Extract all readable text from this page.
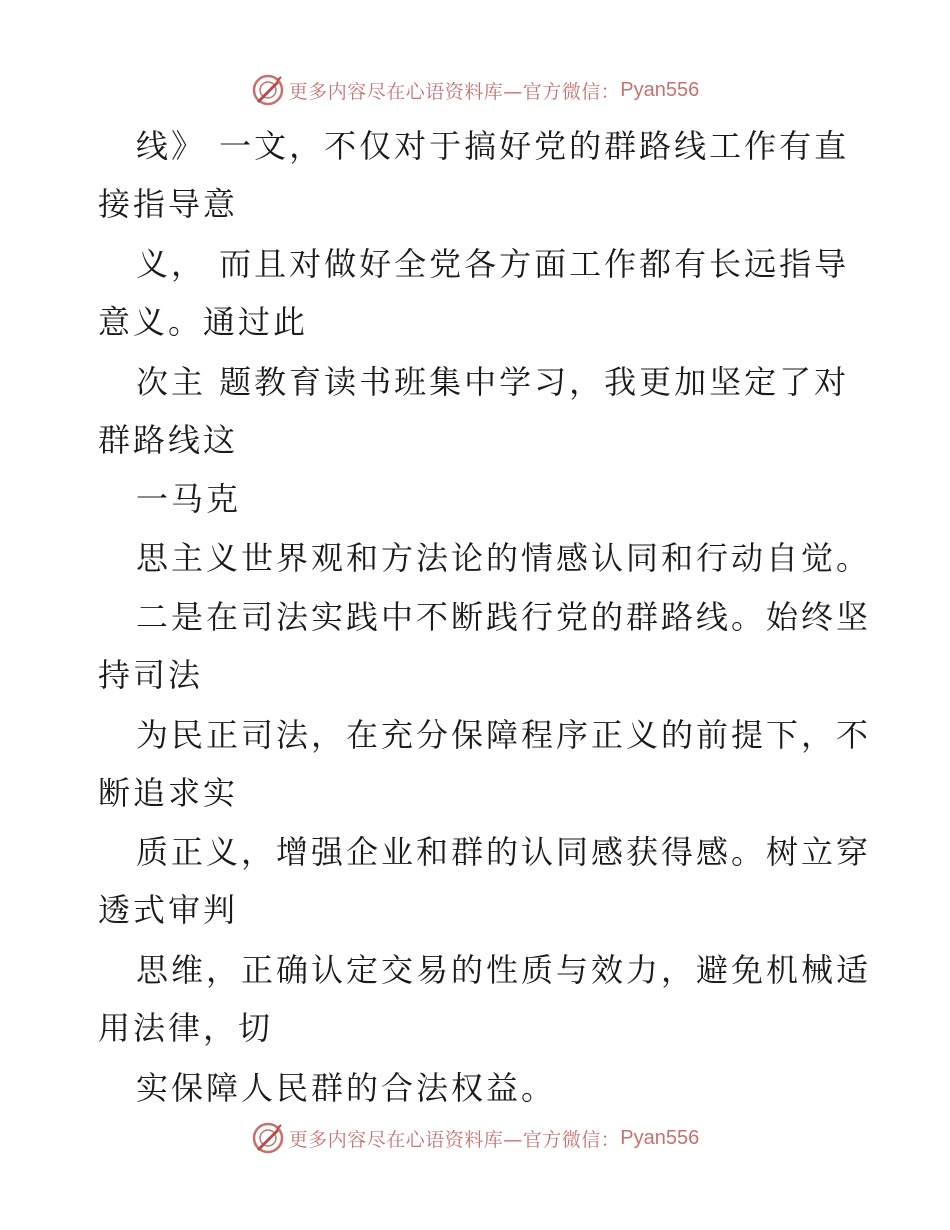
更多内容尽在心语资料库—官方微信： Pyan556
线》 一文，不仅对于搞好党的群路线工作有直
接指导意
义， 而且对做好全党各方面工作都有长远指导
意义。通过此
次主 题教育读书班集中学习，我更加坚定了对
群路线这
一马克
思主义世界观和方法论的情感认同和行动自觉。
二是在司法实践中不断践行党的群路线。始终坚
持司法
为民正司法，在充分保障程序正义的前提下，不
断追求实
质正义，增强企业和群的认同感获得感。树立穿
透式审判
思维，正确认定交易的性质与效力，避免机械适
用法律，切
实保障人民群的合法权益。
更多内容尽在心语资料库—官方微信： Pyan556
